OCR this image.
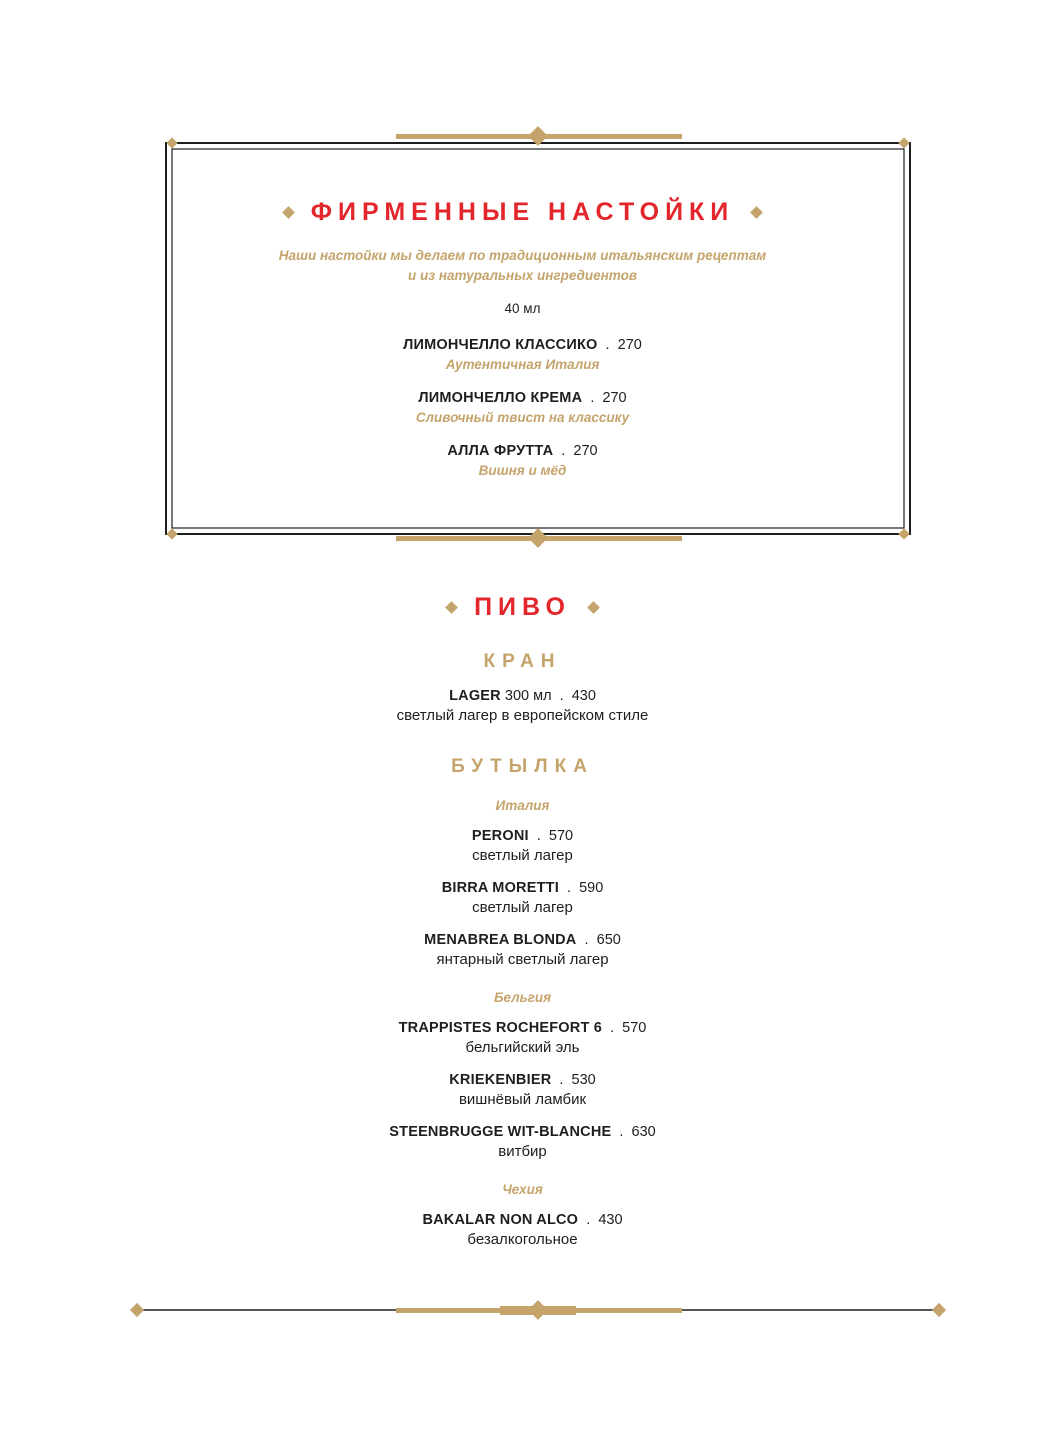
ФИРМЕННЫЕ НАСТОЙКИ
Наши настойки мы делаем по традиционным итальянским рецептам
и из натуральных ингредиентов
40 мл
ЛИМОНЧЕЛЛО КЛАССИКО  .  270
Аутентичная Италия
ЛИМОНЧЕЛЛО КРЕМА  .  270
Сливочный твист на классику
АЛЛА ФРУТТА  .  270
Вишня и мёд
ПИВО
КРАН
LAGER 300 мл  .  430
светлый лагер в европейском стиле
БУТЫЛКА
Италия
PERONI  .  570
светлый лагер
BIRRA MORETTI  .  590
светлый лагер
MENABREA BLONDA  .  650
янтарный светлый лагер
Бельгия
TRAPPISTES ROCHEFORT 6  .  570
бельгийский эль
KRIEKENBIER  .  530
вишнёвый ламбик
STEENBRUGGE WIT-BLANCHE  .  630
витбир
Чехия
BAKALAR NON ALCO  .  430
безалкогольное
